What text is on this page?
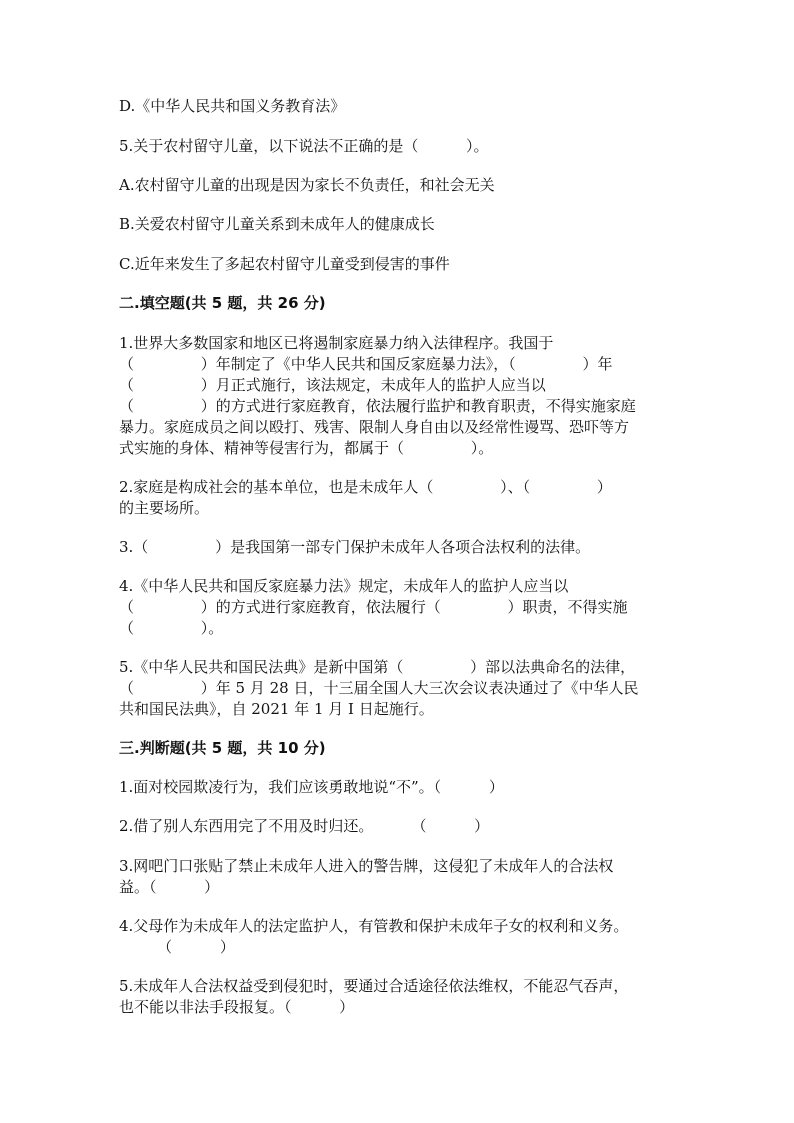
D.《中华人民共和国义务教育法》
5.关于农村留守儿童，以下说法不正确的是（          ）。
A.农村留守儿童的出现是因为家长不负责任，和社会无关
B.关爱农村留守儿童关系到未成年人的健康成长
C.近年来发生了多起农村留守儿童受到侵害的事件
二.填空题(共 5 题，共 26 分)
1.世界大多数国家和地区已将遏制家庭暴力纳入法律程序。我国于
（              ）年制定了《中华人民共和国反家庭暴力法》，（              ）年
（              ）月正式施行，该法规定，未成年人的监护人应当以
（              ）的方式进行家庭教育，依法履行监护和教育职责，不得实施家庭
暴力。家庭成员之间以殴打、残害、限制人身自由以及经常性谩骂、恐吓等方
式实施的身体、精神等侵害行为，都属于（              ）。
2.家庭是构成社会的基本单位，也是未成年人（              ）、（              ）
的主要场所。
3.（              ）是我国第一部专门保护未成年人各项合法权利的法律。
4.《中华人民共和国反家庭暴力法》规定，未成年人的监护人应当以
（              ）的方式进行家庭教育，依法履行（              ）职责，不得实施
（              ）。
5.《中华人民共和国民法典》是新中国第（              ）部以法典命名的法律，
（              ）年 5 月 28 日，十三届全国人大三次会议表决通过了《中华人民
共和国民法典》，自 2021 年 1 月 I 日起施行。
三.判断题(共 5 题，共 10 分)
1.面对校园欺凌行为，我们应该勇敢地说“不”。（          ）
2.借了别人东西用完了不用及时归还。        （          ）
3.网吧门口张贴了禁止未成年人进入的警告牌，这侵犯了未成年人的合法权
益。（          ）
4.父母作为未成年人的法定监护人，有管教和保护未成年子女的权利和义务。
（          ）
5.未成年人合法权益受到侵犯时，要通过合适途径依法维权，不能忍气吞声，
也不能以非法手段报复。（          ）
